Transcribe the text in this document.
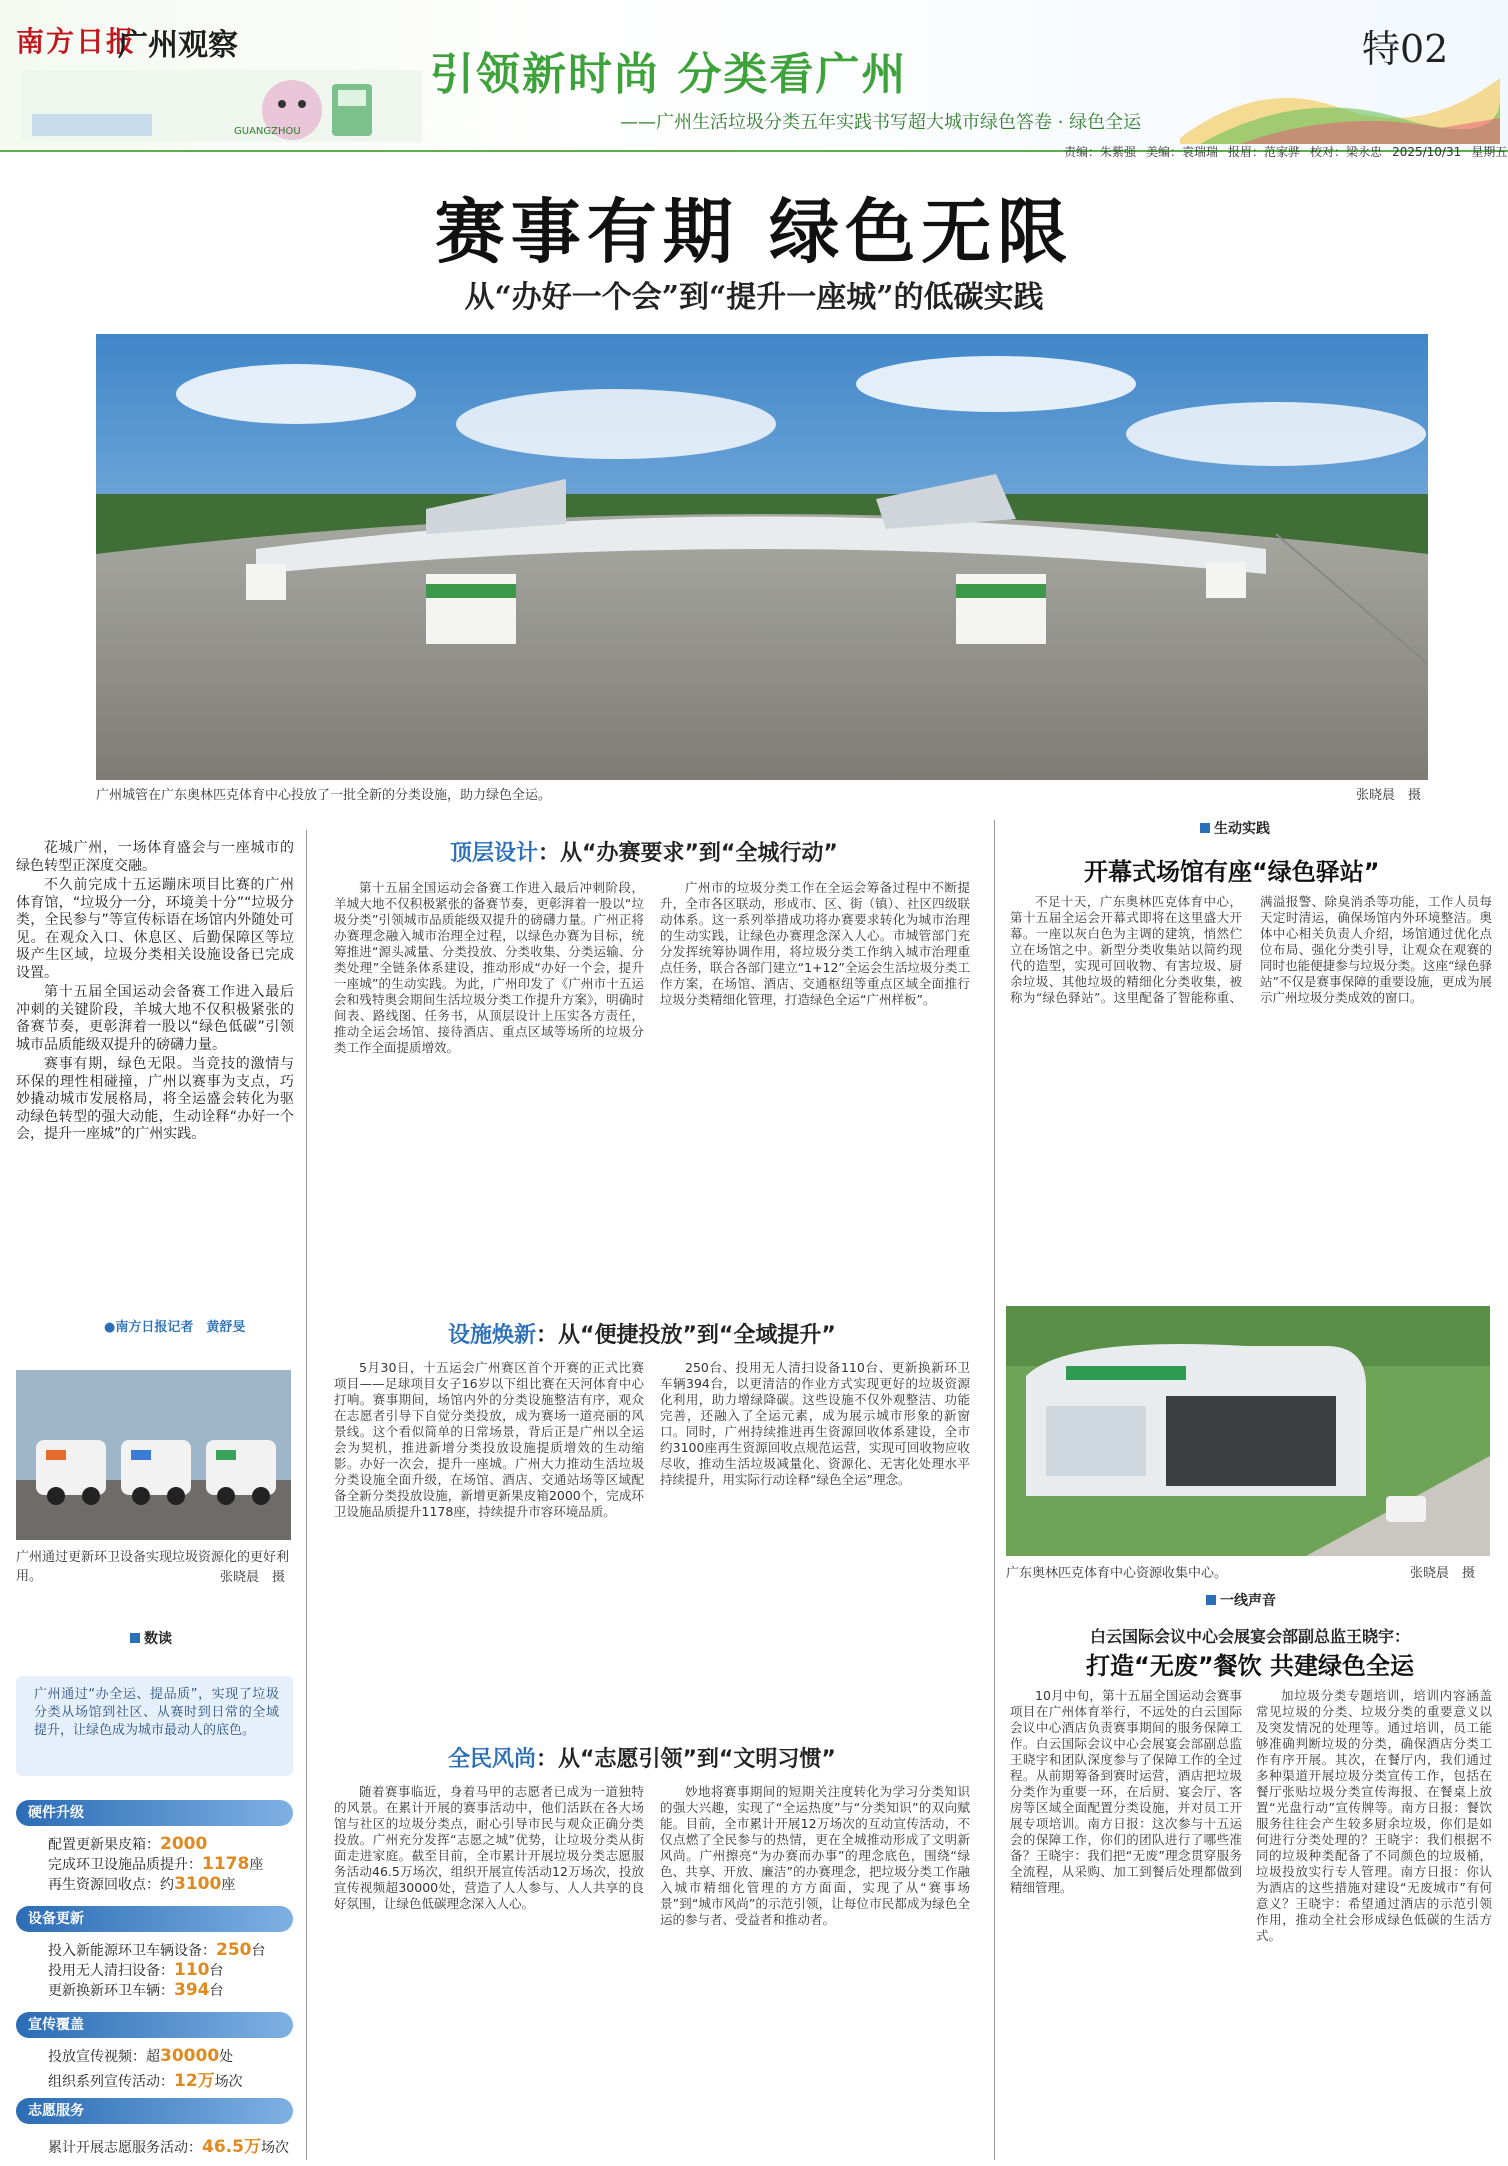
南方日报
广州观察
GUANGZHOU
引领新时尚 分类看广州
——广州生活垃圾分类五年实践书写超大城市绿色答卷 · 绿色全运
特02
责编：朱紫强 美编：袁瑞瑞 报眉：范家骅 校对：梁永忠 2025/10/31 星期五
赛事有期 绿色无限
从“办好一个会”到“提升一座城”的低碳实践
广州城管在广东奥林匹克体育中心投放了一批全新的分类设施，助力绿色全运。	张晓晨　摄

花城广州，一场体育盛会与一座城市的绿色转型正深度交融。

不久前完成十五运蹦床项目比赛的广州体育馆，“垃圾分一分，环境美十分”“垃圾分类，全民参与”等宣传标语在场馆内外随处可见。在观众入口、休息区、后勤保障区等垃圾产生区域，垃圾分类相关设施设备已完成设置。

第十五届全国运动会备赛工作进入最后冲刺的关键阶段，羊城大地不仅积极紧张的备赛节奏，更彰湃着一股以“绿色低碳”引领城市品质能级双提升的磅礴力量。

赛事有期，绿色无限。当竞技的激情与环保的理性相碰撞，广州以赛事为支点，巧妙撬动城市发展格局，将全运盛会转化为驱动绿色转型的强大动能，生动诠释“办好一个会，提升一座城”的广州实践。

●南方日报记者　黄舒旻
广州通过更新环卫设备实现垃圾资源化的更好利用。	张晓晨　摄
数读
广州通过“办全运、提品质”，实现了垃圾分类从场馆到社区、从赛时到日常的全域提升，让绿色成为城市最动人的底色。
硬件升级
配置更新果皮箱：2000
完成环卫设施品质提升：1178座
再生资源回收点：约3100座
设备更新
投入新能源环卫车辆设备：250台
投用无人清扫设备：110台
更新换新环卫车辆：394台
宣传覆盖
投放宣传视频：超30000处
组织系列宣传活动：12万场次
志愿服务
累计开展志愿服务活动：46.5万场次
顶层设计：从“办赛要求”到“全城行动”
第十五届全国运动会备赛工作进入最后冲刺阶段，羊城大地不仅积极紧张的备赛节奏，更彰湃着一股以“垃圾分类”引领城市品质能级双提升的磅礴力量。广州正将办赛理念融入城市治理全过程，以绿色办赛为目标，统筹推进“源头减量、分类投放、分类收集、分类运输、分类处理”全链条体系建设，推动形成“办好一个会，提升一座城”的生动实践。为此，广州印发了《广州市十五运会和残特奥会期间生活垃圾分类工作提升方案》，明确时间表、路线图、任务书，从顶层设计上压实各方责任，推动全运会场馆、接待酒店、重点区域等场所的垃圾分类工作全面提质增效。
广州市的垃圾分类工作在全运会筹备过程中不断提升，全市各区联动，形成市、区、街（镇）、社区四级联动体系。这一系列举措成功将办赛要求转化为城市治理的生动实践，让绿色办赛理念深入人心。市城管部门充分发挥统筹协调作用，将垃圾分类工作纳入城市治理重点任务，联合各部门建立“1+12”全运会生活垃圾分类工作方案，在场馆、酒店、交通枢纽等重点区域全面推行垃圾分类精细化管理，打造绿色全运“广州样板”。
设施焕新：从“便捷投放”到“全域提升”
5月30日，十五运会广州赛区首个开赛的正式比赛项目——足球项目女子16岁以下组比赛在天河体育中心打响。赛事期间，场馆内外的分类设施整洁有序，观众在志愿者引导下自觉分类投放，成为赛场一道亮丽的风景线。这个看似简单的日常场景，背后正是广州以全运会为契机，推进新增分类投放设施提质增效的生动缩影。办好一次会，提升一座城。广州大力推动生活垃圾分类设施全面升级，在场馆、酒店、交通站场等区域配备全新分类投放设施，新增更新果皮箱2000个，完成环卫设施品质提升1178座，持续提升市容环境品质。
250台、投用无人清扫设备110台、更新换新环卫车辆394台，以更清洁的作业方式实现更好的垃圾资源化利用，助力增绿降碳。这些设施不仅外观整洁、功能完善，还融入了全运元素，成为展示城市形象的新窗口。同时，广州持续推进再生资源回收体系建设，全市约3100座再生资源回收点规范运营，实现可回收物应收尽收，推动生活垃圾减量化、资源化、无害化处理水平持续提升，用实际行动诠释“绿色全运”理念。
全民风尚：从“志愿引领”到“文明习惯”
随着赛事临近，身着马甲的志愿者已成为一道独特的风景。在累计开展的赛事活动中，他们活跃在各大场馆与社区的垃圾分类点，耐心引导市民与观众正确分类投放。广州充分发挥“志愿之城”优势，让垃圾分类从街面走进家庭。截至目前，全市累计开展垃圾分类志愿服务活动46.5万场次，组织开展宣传活动12万场次，投放宣传视频超30000处，营造了人人参与、人人共享的良好氛围，让绿色低碳理念深入人心。
妙地将赛事期间的短期关注度转化为学习分类知识的强大兴趣，实现了“全运热度”与“分类知识”的双向赋能。目前，全市累计开展12万场次的互动宣传活动，不仅点燃了全民参与的热情，更在全城推动形成了文明新风尚。广州擦亮“为办赛而办事”的理念底色，围绕“绿色、共享、开放、廉洁”的办赛理念，把垃圾分类工作融入城市精细化管理的方方面面，实现了从“赛事场景”到“城市风尚”的示范引领，让每位市民都成为绿色全运的参与者、受益者和推动者。
生动实践
开幕式场馆有座“绿色驿站”
不足十天，广东奥林匹克体育中心，第十五届全运会开幕式即将在这里盛大开幕。一座以灰白色为主调的建筑，悄然伫立在场馆之中。新型分类收集站以简约现代的造型，实现可回收物、有害垃圾、厨余垃圾、其他垃圾的精细化分类收集，被称为“绿色驿站”。这里配备了智能称重、满溢报警、除臭消杀等功能，工作人员每天定时清运，确保场馆内外环境整洁。奥体中心相关负责人介绍，场馆通过优化点位布局、强化分类引导，让观众在观赛的同时也能便捷参与垃圾分类。这座“绿色驿站”不仅是赛事保障的重要设施，更成为展示广州垃圾分类成效的窗口。
广东奥林匹克体育中心资源收集中心。	张晓晨　摄
一线声音
白云国际会议中心会展宴会部副总监王晓宇：
打造“无废”餐饮 共建绿色全运
10月中旬，第十五届全国运动会赛事项目在广州体育举行，不远处的白云国际会议中心酒店负责赛事期间的服务保障工作。白云国际会议中心会展宴会部副总监王晓宇和团队深度参与了保障工作的全过程。从前期筹备到赛时运营，酒店把垃圾分类作为重要一环，在后厨、宴会厅、客房等区域全面配置分类设施，并对员工开展专项培训。南方日报：这次参与十五运会的保障工作，你们的团队进行了哪些准备？王晓宇：我们把“无废”理念贯穿服务全流程，从采购、加工到餐后处理都做到精细管理。
加垃圾分类专题培训，培训内容涵盖常见垃圾的分类、垃圾分类的重要意义以及突发情况的处理等。通过培训，员工能够准确判断垃圾的分类，确保酒店分类工作有序开展。其次，在餐厅内，我们通过多种渠道开展垃圾分类宣传工作，包括在餐厅张贴垃圾分类宣传海报、在餐桌上放置“光盘行动”宣传牌等。南方日报：餐饮服务往往会产生较多厨余垃圾，你们是如何进行分类处理的？王晓宇：我们根据不同的垃圾种类配备了不同颜色的垃圾桶，垃圾投放实行专人管理。南方日报：你认为酒店的这些措施对建设“无废城市”有何意义？王晓宇：希望通过酒店的示范引领作用，推动全社会形成绿色低碳的生活方式。
